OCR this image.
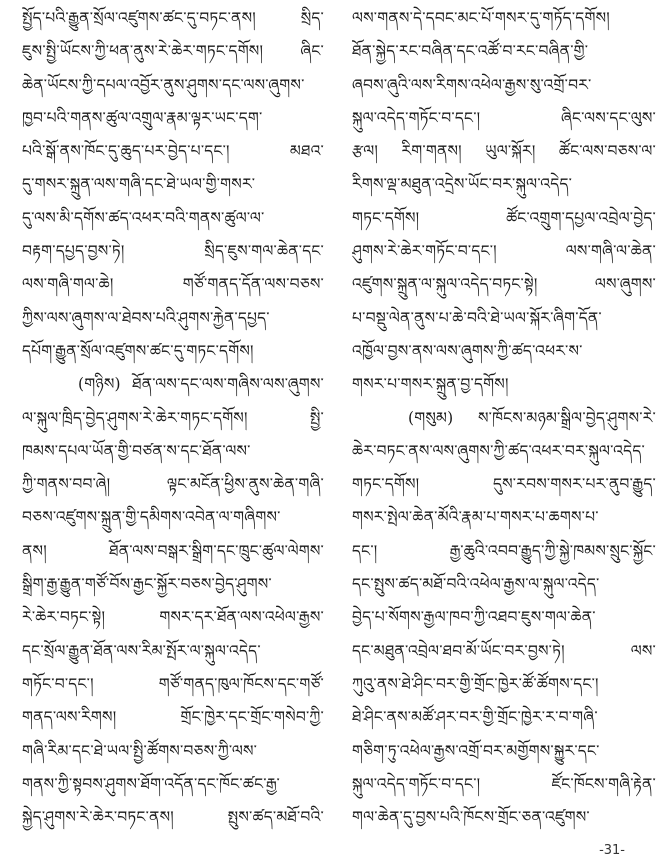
སྤྱོད་པའི་རྒྱུན་སྲོལ་འཛུགས་ཚང་དུ་བཏང་ནས། སྲིད་
ཇུས་སྤྱི་ཡོངས་ཀྱི་ཕན་ནུས་རེ་ཆེར་གཏང་དགོས། ཞིང་
ཆེན་ཡོངས་ཀྱི་དཔལ་འབྱོར་ནུས་ཤུགས་དང་ལས་ཞུགས་
ཁྱབ་པའི་གནས་ཚུལ་འགྲུལ་རྣམ་ལྟར་ཡང་དག་
པའི་སྒོ་ནས་ཁོང་དུ་ཆུད་པར་བྱེད་པ་དང་། མཐའ་
དུ་གསར་སྐྲུན་ལས་གཞི་དང་ཐེ་ཡལ་གྱི་གསར་
དུ་ལས་མི་དགོས་ཚད་འཕར་བའི་གནས་ཚུལ་ལ་
བརྟག་དཔྱད་བྱས་ཏེ། སྲིད་ཇུས་གལ་ཆེན་དང་
ལས་གཞི་གལ་ཆེ། གཙོ་གནད་དོན་ལས་བཅས་
ཀྱིས་ལས་ཞུགས་ལ་ཐེབས་པའི་ཤུགས་རྐྱེན་དཔྱད་
དཔོག་རྒྱུན་སྲོལ་འཛུགས་ཚང་དུ་གཏང་དགོས།
(གཉིས) ཐོན་ལས་དང་ལས་གཞིས་ལས་ཞུགས་
ལ་སྐུལ་ཁྲིད་བྱེད་ཤུགས་རེ་ཆེར་གཏང་དགོས། སྤྱི་
ཁམས་དཔལ་ཡོན་གྱི་བཙན་ས་དང་ཐོན་ལས་
ཀྱི་གནས་བབ་ཞེ། ལྟང་མངོན་ཕྱིས་ནུས་ཆེན་གཞི་
བཅས་འཛུགས་སྐྲུན་གྱི་དམིགས་འབེན་ལ་གཞིགས་
ནས། ཐོན་ལས་བསྒར་སྒྲིག་དང་ཁྲུང་ཚུལ་ལེགས་
སྒྲིག་རྒྱ་རྒྱུན་གཙོ་བོས་རྒྱང་སྐྱོར་བཅས་བྱེད་ཤུགས་
རེ་ཆེར་བཏང་སྟེ། གསར་དར་ཐོན་ལས་འཕེལ་རྒྱས་
དང་སྲོལ་རྒྱུན་ཐོན་ལས་རིམ་སྤོར་ལ་སྐུལ་འདེད་
གཏོང་བ་དང་། གཙོ་གནད་ཁུལ་ཁོངས་དང་གཙོ་
གནད་ལས་རིགས། གྲོང་ཁྱེར་དང་གྲོང་གསེབ་ཀྱི་
གཞི་རིམ་དང་ཐེ་ཡལ་སྤྱི་ཚོགས་བཅས་ཀྱི་ལས་
གནས་ཀྱི་སྟབས་ཤུགས་ཐོག་འདོན་དང་ཁོང་ཚང་རྒྱ་
སྐྱེད་ཤུགས་རེ་ཆེར་བཏང་ནས། སྤུས་ཚད་མཐོ་བའི་
ལས་གནས་དེ་དབང་མང་པོ་གསར་དུ་གཏོད་དགོས།
ཐོན་སྐྱེད་རང་བཞིན་དང་འཚོ་བ་རང་བཞིན་གྱི་
ཞབས་ཞུའི་ལས་རིགས་འཕེལ་རྒྱས་སུ་འགྲོ་བར་
སྐུལ་འདེད་གཏོང་བ་དང་། ཞིང་ལས་དང་ལུས་
རྩལ། རིག་གནས། ཡུལ་སྐོར། ཚོང་ལས་བཅས་ལ་
རིགས་ལྡ་མཐུན་འདྲེས་ཡོང་བར་སྐུལ་འདེད་
གཏང་དགོས། ཚོང་འགྲུག་དཔྱལ་འབྲེལ་བྱེད་
ཤུགས་རེ་ཆེར་གཏོང་བ་དང་། ལས་གཞི་ལ་ཆེན་
འཛུགས་སྐྲུན་ལ་སྐུལ་འདེད་བཏང་སྟེ། ལས་ཞུགས་
པ་བསྡུ་ལེན་ནུས་པ་ཆེ་བའི་ཐེ་ཡལ་སྐོར་ཞིག་དོན་
འཁྱོལ་བྱས་ནས་ལས་ཞུགས་ཀྱི་ཚད་འཕར་ས་
གསར་པ་གསར་སྐྲུན་བྱ་དགོས།
(གསུམ) ས་ཁོངས་མཉམ་སྒྲིལ་བྱེད་ཤུགས་རེ་
ཆེར་བཏང་ནས་ལས་ཞུགས་ཀྱི་ཚད་འཕར་བར་སྐུལ་འདེད་
གཏང་དགོས། དུས་རབས་གསར་པར་ནུབ་རྒྱུད་
གསར་སྤེལ་ཆེན་མོའི་རྣམ་པ་གསར་པ་ཆགས་པ་
དང་། རྒྱ་ཆུའི་འབབ་རྒྱུད་ཀྱི་སྐྱེ་ཁམས་སྲུང་སྐྱོང་
དང་སྤུས་ཚད་མཐོ་བའི་འཕེལ་རྒྱས་ལ་སྐུལ་འདེད་
བྱེད་པ་སོགས་རྒྱལ་ཁབ་ཀྱི་འཐབ་ཇུས་གལ་ཆེན་
དང་མཐུན་འབྲེལ་ཐབ་མོ་ཡོང་བར་བྱས་ཏེ། ལས་
ཀུའུ་ནས་ཐེ་ཤིང་བར་གྱི་གྲོང་ཁྱེར་ཚོ་ཚོགས་དང་།
ཐེ་ཤིང་ནས་མཚོ་ཤར་བར་གྱི་གྲོང་ཁྱེར་ར་བ་གཞི་
གཅིག་ཏུ་འཕེལ་རྒྱས་འགྲོ་བར་མགྱོགས་སྐྱུར་དང་
སྐུལ་འདེད་གཏོང་བ་དང་། ཛོང་ཁོངས་གཞི་རྟེན་
གལ་ཆེན་དུ་བྱས་པའི་ཁོངས་གྲོང་ཅན་འཛུགས་
-31-
